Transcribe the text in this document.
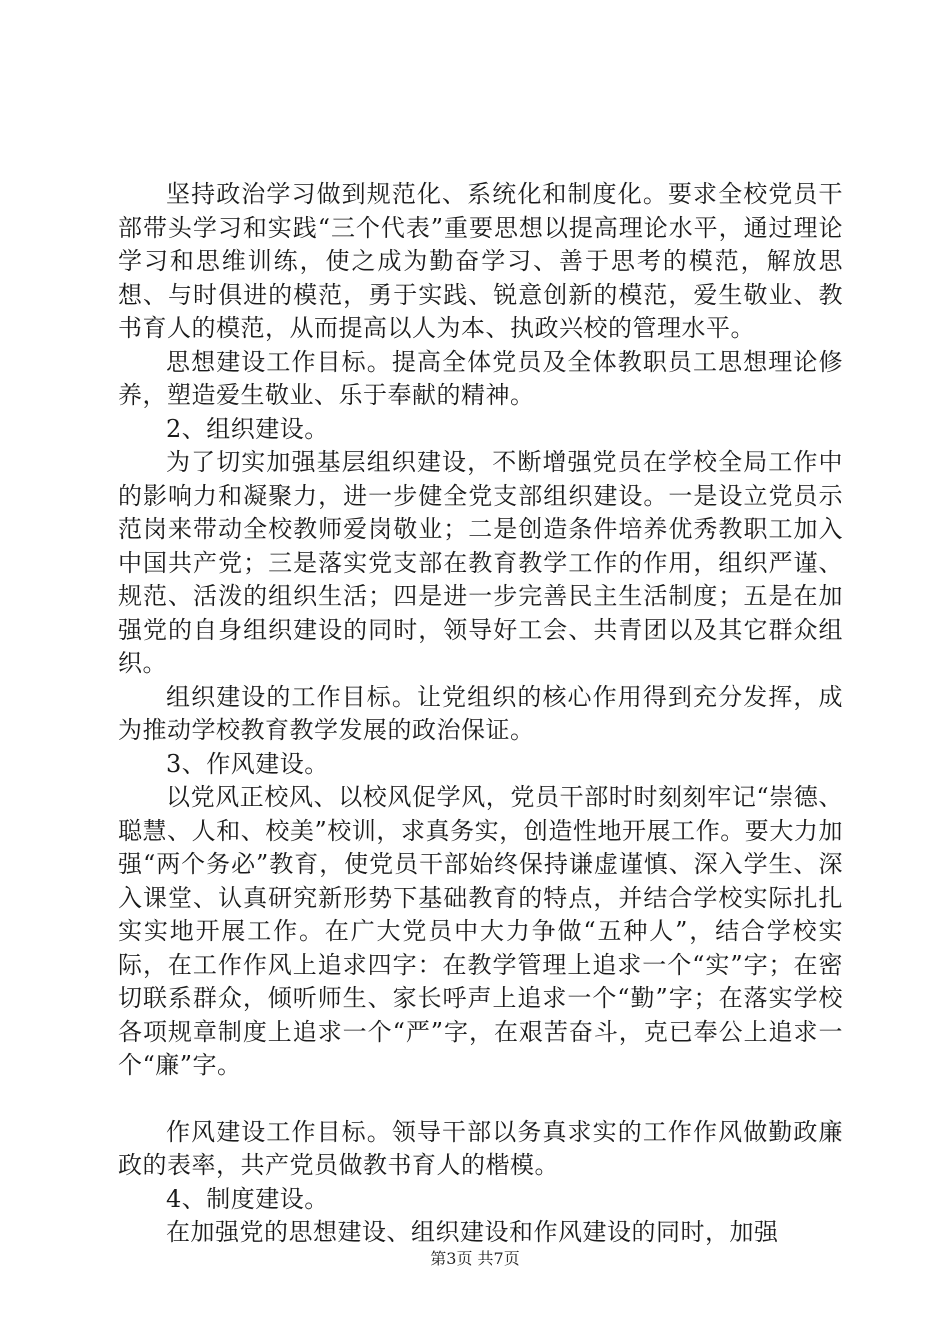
坚持政治学习做到规范化、系统化和制度化。要求全校党员干部带头学习和实践“三个代表”重要思想以提高理论水平，通过理论学习和思维训练，使之成为勤奋学习、善于思考的模范，解放思想、与时俱进的模范，勇于实践、锐意创新的模范，爱生敬业、教书育人的模范，从而提高以人为本、执政兴校的管理水平。

思想建设工作目标。提高全体党员及全体教职员工思想理论修养，塑造爱生敬业、乐于奉献的精神。

2、组织建设。

为了切实加强基层组织建设，不断增强党员在学校全局工作中的影响力和凝聚力，进一步健全党支部组织建设。一是设立党员示范岗来带动全校教师爱岗敬业；二是创造条件培养优秀教职工加入中国共产党；三是落实党支部在教育教学工作的作用，组织严谨、规范、活泼的组织生活；四是进一步完善民主生活制度；五是在加强党的自身组织建设的同时，领导好工会、共青团以及其它群众组织。

组织建设的工作目标。让党组织的核心作用得到充分发挥，成为推动学校教育教学发展的政治保证。

3、作风建设。

以党风正校风、以校风促学风，党员干部时时刻刻牢记“崇德、聪慧、人和、校美”校训，求真务实，创造性地开展工作。要大力加强“两个务必”教育，使党员干部始终保持谦虚谨慎、深入学生、深入课堂、认真研究新形势下基础教育的特点，并结合学校实际扎扎实实地开展工作。在广大党员中大力争做“五种人”，结合学校实际，在工作作风上追求四字：在教学管理上追求一个“实”字；在密切联系群众，倾听师生、家长呼声上追求一个“勤”字；在落实学校各项规章制度上追求一个“严”字，在艰苦奋斗，克已奉公上追求一个“廉”字。

作风建设工作目标。领导干部以务真求实的工作作风做勤政廉政的表率，共产党员做教书育人的楷模。

4、制度建设。

在加强党的思想建设、组织建设和作风建设的同时，加强

第3页 共7页
